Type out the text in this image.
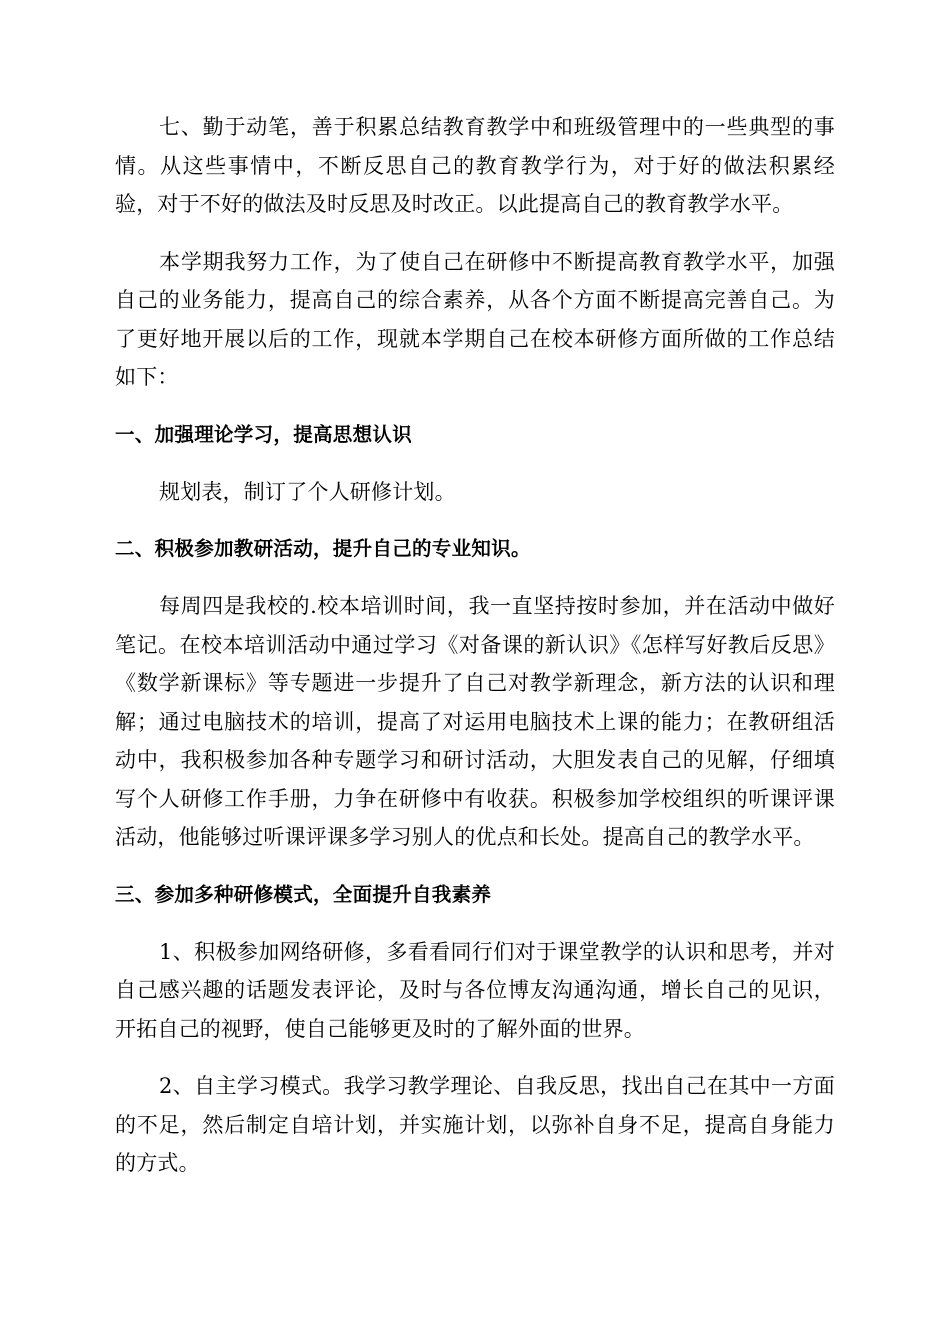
七、勤于动笔，善于积累总结教育教学中和班级管理中的一些典型的事情。从这些事情中，不断反思自己的教育教学行为，对于好的做法积累经验，对于不好的做法及时反思及时改正。以此提高自己的教育教学水平。

本学期我努力工作，为了使自己在研修中不断提高教育教学水平，加强自己的业务能力，提高自己的综合素养，从各个方面不断提高完善自己。为了更好地开展以后的工作，现就本学期自己在校本研修方面所做的工作总结如下：

一、加强理论学习，提高思想认识

规划表，制订了个人研修计划。

二、积极参加教研活动，提升自己的专业知识。

每周四是我校的.校本培训时间，我一直坚持按时参加，并在活动中做好笔记。在校本培训活动中通过学习《对备课的新认识》《怎样写好教后反思》《数学新课标》等专题进一步提升了自己对教学新理念，新方法的认识和理解；通过电脑技术的培训，提高了对运用电脑技术上课的能力；在教研组活动中，我积极参加各种专题学习和研讨活动，大胆发表自己的见解，仔细填写个人研修工作手册，力争在研修中有收获。积极参加学校组织的听课评课活动，他能够过听课评课多学习别人的优点和长处。提高自己的教学水平。

三、参加多种研修模式，全面提升自我素养

1、积极参加网络研修，多看看同行们对于课堂教学的认识和思考，并对自己感兴趣的话题发表评论，及时与各位博友沟通沟通，增长自己的见识，开拓自己的视野，使自己能够更及时的了解外面的世界。

2、自主学习模式。我学习教学理论、自我反思，找出自己在其中一方面的不足，然后制定自培计划，并实施计划，以弥补自身不足，提高自身能力的方式。
